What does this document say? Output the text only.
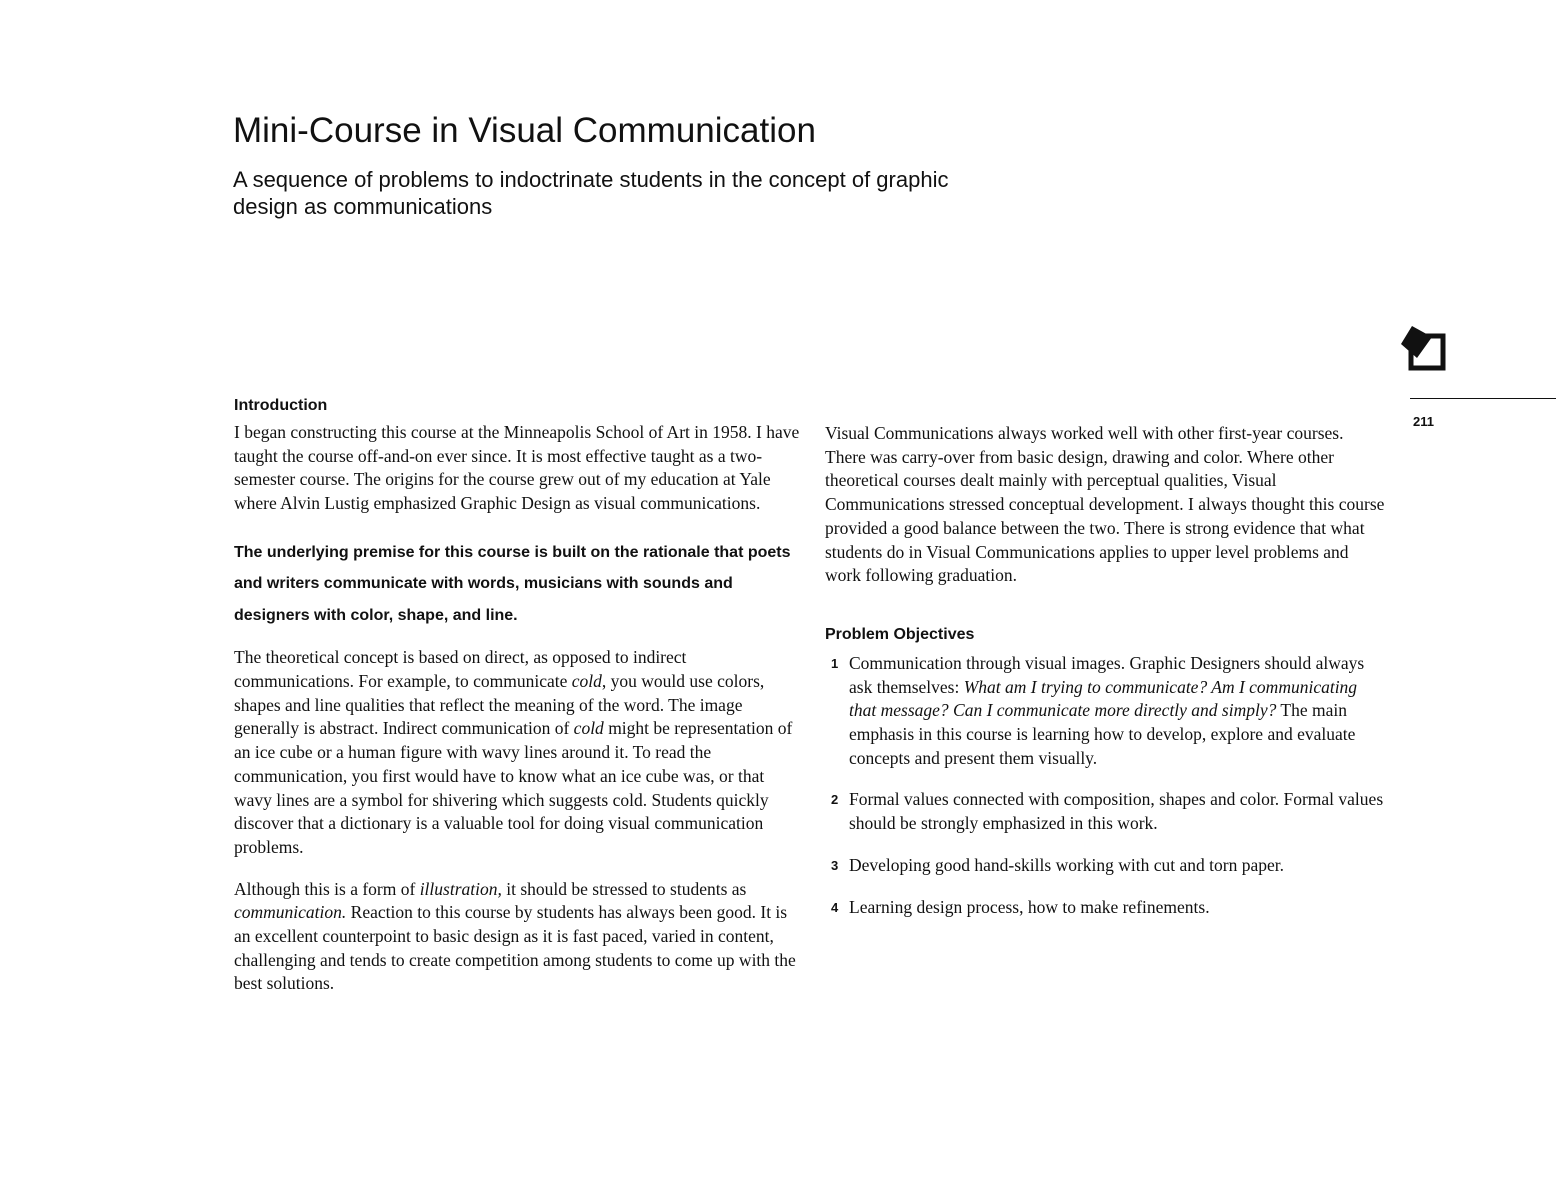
Mini-Course in Visual Communication
A sequence of problems to indoctrinate students in the concept of graphic design as communications
211
Introduction

I began constructing this course at the Minneapolis School of Art in 1958. I have taught the course off-and-on ever since. It is most effective taught as a two-semester course. The origins for the course grew out of my education at Yale where Alvin Lustig emphasized Graphic Design as visual communications.

The underlying premise for this course is built on the rationale that poets and writers communicate with words, musicians with sounds and designers with color, shape, and line.

The theoretical concept is based on direct, as opposed to indirect communications. For example, to communicate cold, you would use colors, shapes and line qualities that reflect the meaning of the word. The image generally is abstract. Indirect communication of cold might be representation of an ice cube or a human figure with wavy lines around it. To read the communication, you first would have to know what an ice cube was, or that wavy lines are a symbol for shivering which suggests cold. Students quickly discover that a dictionary is a valuable tool for doing visual communication problems.

Although this is a form of illustration, it should be stressed to students as communication. Reaction to this course by students has always been good. It is an excellent counterpoint to basic design as it is fast paced, varied in content, challenging and tends to create competition among students to come up with the best solutions.

Visual Communications always worked well with other first-year courses. There was carry-over from basic design, drawing and color. Where other theoretical courses dealt mainly with perceptual qualities, Visual Communications stressed conceptual development. I always thought this course provided a good balance between the two. There is strong evidence that what students do in Visual Communications applies to upper level problems and work following graduation.

Problem Objectives
1 Communication through visual images. Graphic Designers should always ask themselves: What am I trying to communicate? Am I communicating that message? Can I communicate more directly and simply? The main emphasis in this course is learning how to develop, explore and evaluate concepts and present them visually.
2 Formal values connected with composition, shapes and color. Formal values should be strongly emphasized in this work.
3 Developing good hand-skills working with cut and torn paper.
4 Learning design process, how to make refinements.
